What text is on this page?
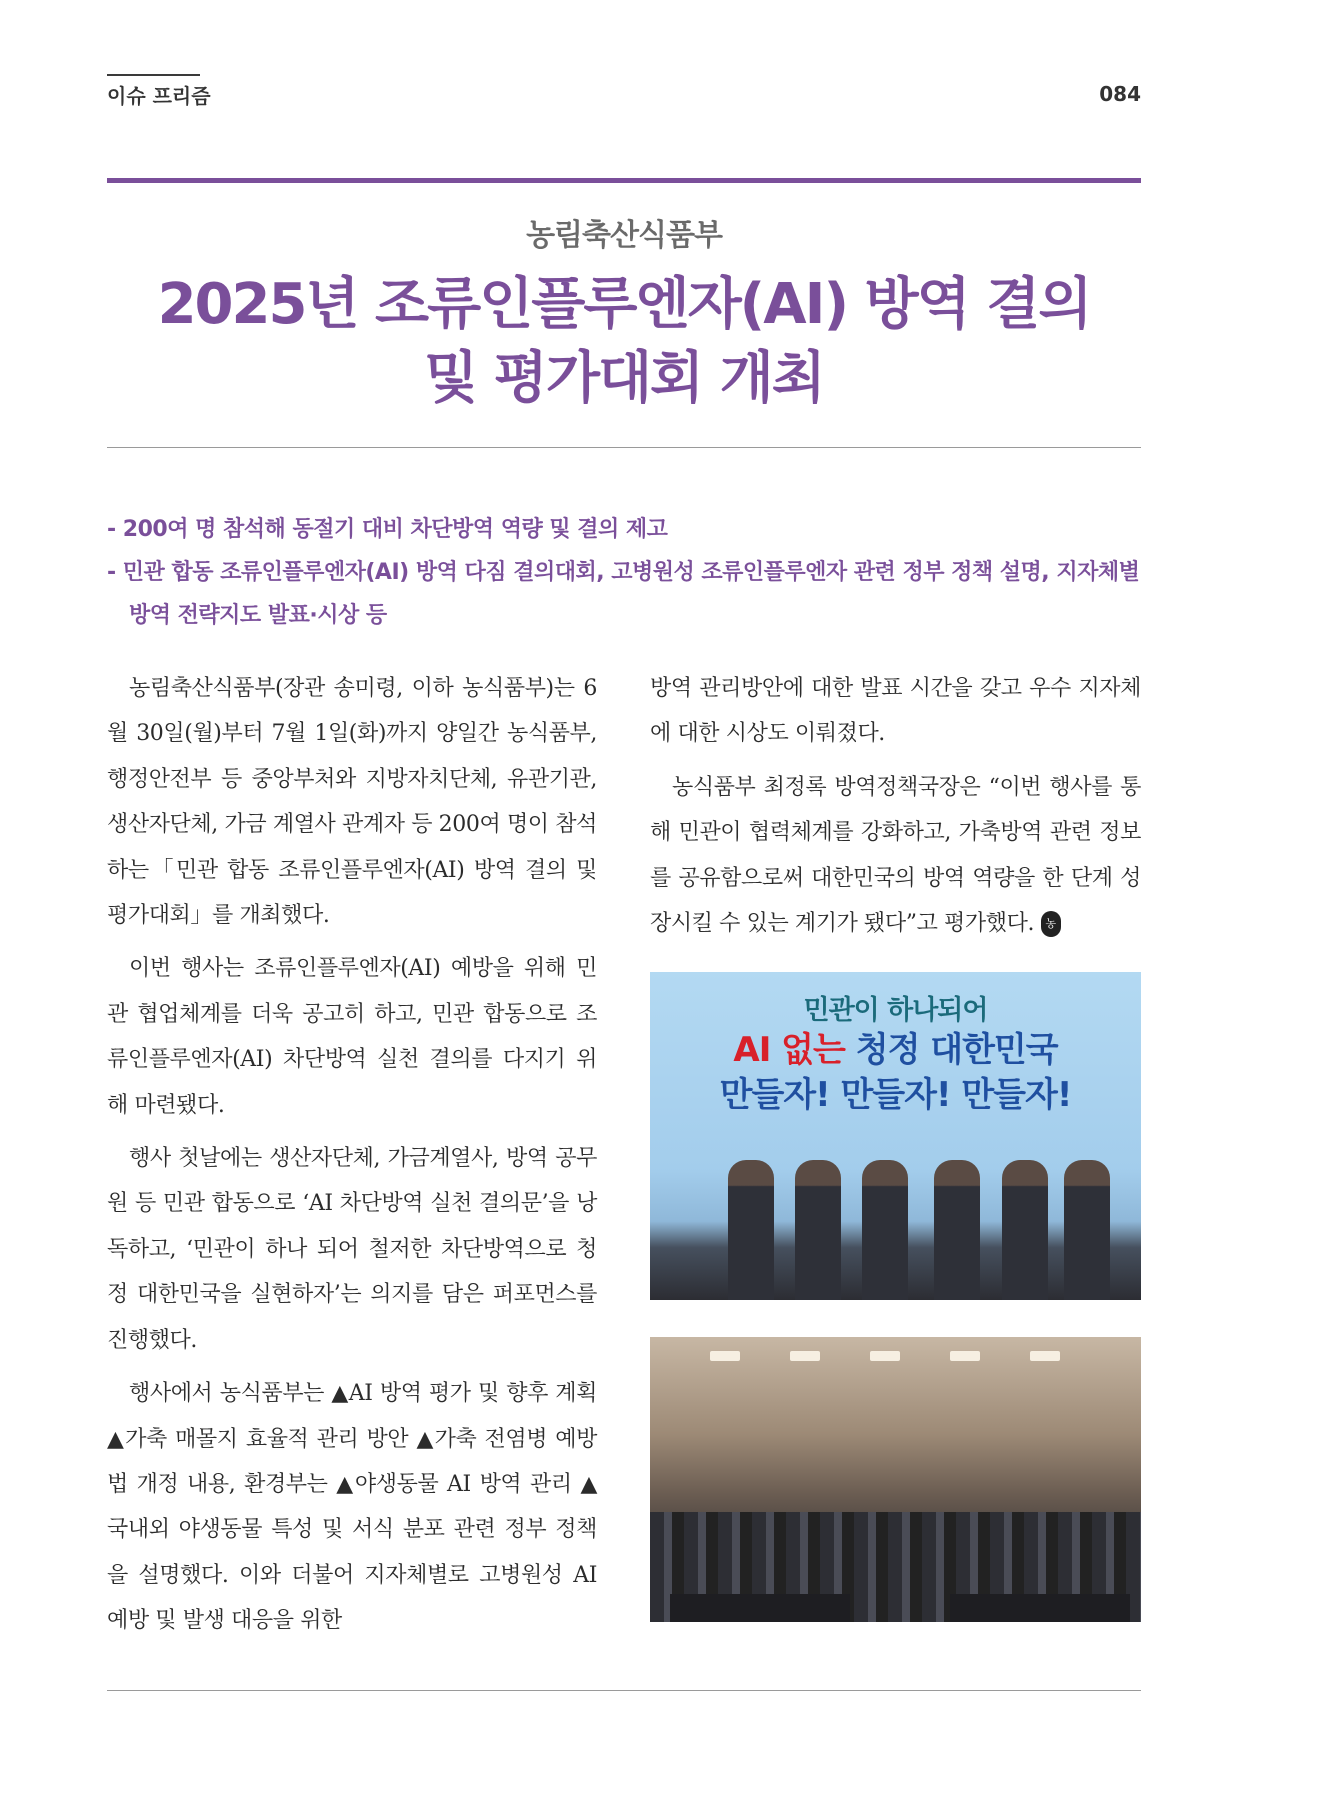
이슈 프리즘	084
농림축산식품부
2025년 조류인플루엔자(AI) 방역 결의
및 평가대회 개최
- 200여 명 참석해 동절기 대비 차단방역 역량 및 결의 제고
- 민관 합동 조류인플루엔자(AI) 방역 다짐 결의대회, 고병원성 조류인플루엔자 관련 정부 정책 설명, 지자체별 방역 전략지도 발표·시상 등

농림축산식품부(장관 송미령, 이하 농식품부)는 6월 30일(월)부터 7월 1일(화)까지 양일간 농식품부, 행정안전부 등 중앙부처와 지방자치단체, 유관기관, 생산자단체, 가금 계열사 관계자 등 200여 명이 참석하는「민관 합동 조류인플루엔자(AI) 방역 결의 및 평가대회」를 개최했다.

이번 행사는 조류인플루엔자(AI) 예방을 위해 민관 협업체계를 더욱 공고히 하고, 민관 합동으로 조류인플루엔자(AI) 차단방역 실천 결의를 다지기 위해 마련됐다.

행사 첫날에는 생산자단체, 가금계열사, 방역 공무원 등 민관 합동으로 ‘AI 차단방역 실천 결의문’을 낭독하고, ‘민관이 하나 되어 철저한 차단방역으로 청정 대한민국을 실현하자’는 의지를 담은 퍼포먼스를 진행했다.

행사에서 농식품부는 ▲AI 방역 평가 및 향후 계획 ▲가축 매몰지 효율적 관리 방안 ▲가축 전염병 예방법 개정 내용, 환경부는 ▲야생동물 AI 방역 관리 ▲국내외 야생동물 특성 및 서식 분포 관련 정부 정책을 설명했다. 이와 더불어 지자체별로 고병원성 AI 예방 및 발생 대응을 위한

방역 관리방안에 대한 발표 시간을 갖고 우수 지자체에 대한 시상도 이뤄졌다.

농식품부 최정록 방역정책국장은 “이번 행사를 통해 민관이 협력체계를 강화하고, 가축방역 관련 정보를 공유함으로써 대한민국의 방역 역량을 한 단계 성장시킬 수 있는 계기가 됐다”고 평가했다. 농업

민관이 하나되어
AI 없는 청정 대한민국
만들자! 만들자! 만들자!
